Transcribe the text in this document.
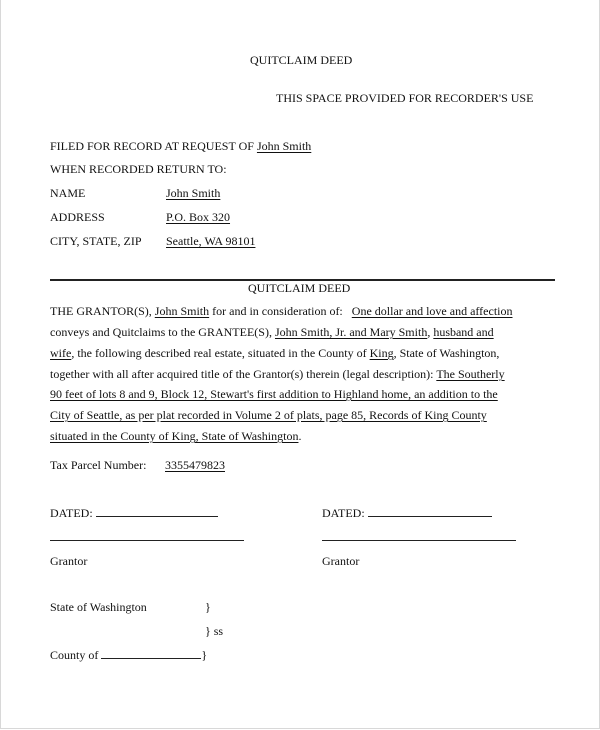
QUITCLAIM DEED
THIS SPACE PROVIDED FOR RECORDER'S USE
FILED FOR RECORD AT REQUEST OF John Smith
WHEN RECORDED RETURN TO:
NAME	John Smith
ADDRESS	P.O. Box 320
CITY, STATE, ZIP Seattle, WA 98101
QUITCLAIM DEED
THE GRANTOR(S), John Smith for and in consideration of: One dollar and love and affection
conveys and Quitclaims to the GRANTEE(S), John Smith, Jr. and Mary Smith, husband and
wife, the following described real estate, situated in the County of King, State of Washington,
together with all after acquired title of the Grantor(s) therein (legal description): The Southerly
90 feet of lots 8 and 9, Block 12, Stewart's first addition to Highland home, an addition to the
City of Seattle, as per plat recorded in Volume 2 of plats, page 85, Records of King County
situated in the County of King, State of Washington.
Tax Parcel Number: 3355479823
DATED:	DATED:
Grantor	Grantor
State of Washington	}
} ss
County of	}
